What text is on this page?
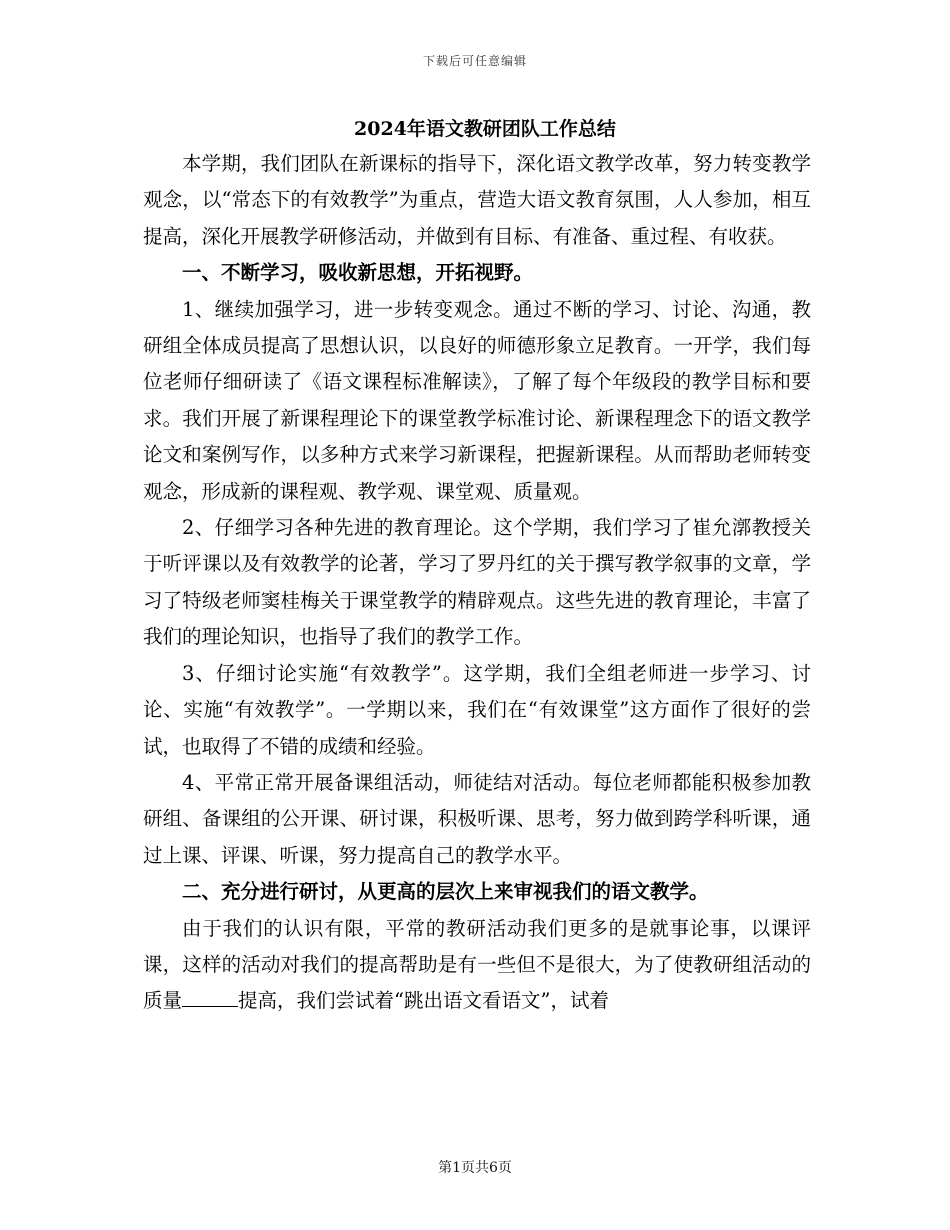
下载后可任意编辑
2024年语文教研团队工作总结

本学期，我们团队在新课标的指导下，深化语文教学改革，努力转变教学观念，以“常态下的有效教学”为重点，营造大语文教育氛围，人人参加，相互提高，深化开展教学研修活动，并做到有目标、有准备、重过程、有收获。

一、不断学习，吸收新思想，开拓视野。

1、继续加强学习，进一步转变观念。通过不断的学习、讨论、沟通，教研组全体成员提高了思想认识，以良好的师德形象立足教育。一开学，我们每位老师仔细研读了《语文课程标准解读》，了解了每个年级段的教学目标和要求。我们开展了新课程理论下的课堂教学标准讨论、新课程理念下的语文教学论文和案例写作，以多种方式来学习新课程，把握新课程。从而帮助老师转变观念，形成新的课程观、教学观、课堂观、质量观。

2、仔细学习各种先进的教育理论。这个学期，我们学习了崔允漷教授关于听评课以及有效教学的论著，学习了罗丹红的关于撰写教学叙事的文章，学习了特级老师窦桂梅关于课堂教学的精辟观点。这些先进的教育理论，丰富了我们的理论知识，也指导了我们的教学工作。

3、仔细讨论实施“有效教学”。这学期，我们全组老师进一步学习、讨论、实施“有效教学”。一学期以来，我们在“有效课堂”这方面作了很好的尝试，也取得了不错的成绩和经验。

4、平常正常开展备课组活动，师徒结对活动。每位老师都能积极参加教研组、备课组的公开课、研讨课，积极听课、思考，努力做到跨学科听课，通过上课、评课、听课，努力提高自己的教学水平。

二、充分进行研讨，从更高的层次上来审视我们的语文教学。

由于我们的认识有限，平常的教研活动我们更多的是就事论事，以课评课，这样的活动对我们的提高帮助是有一些但不是很大，为了使教研组活动的质量	提高，我们尝试着“跳出语文看语文”，试着

第1页共6页
